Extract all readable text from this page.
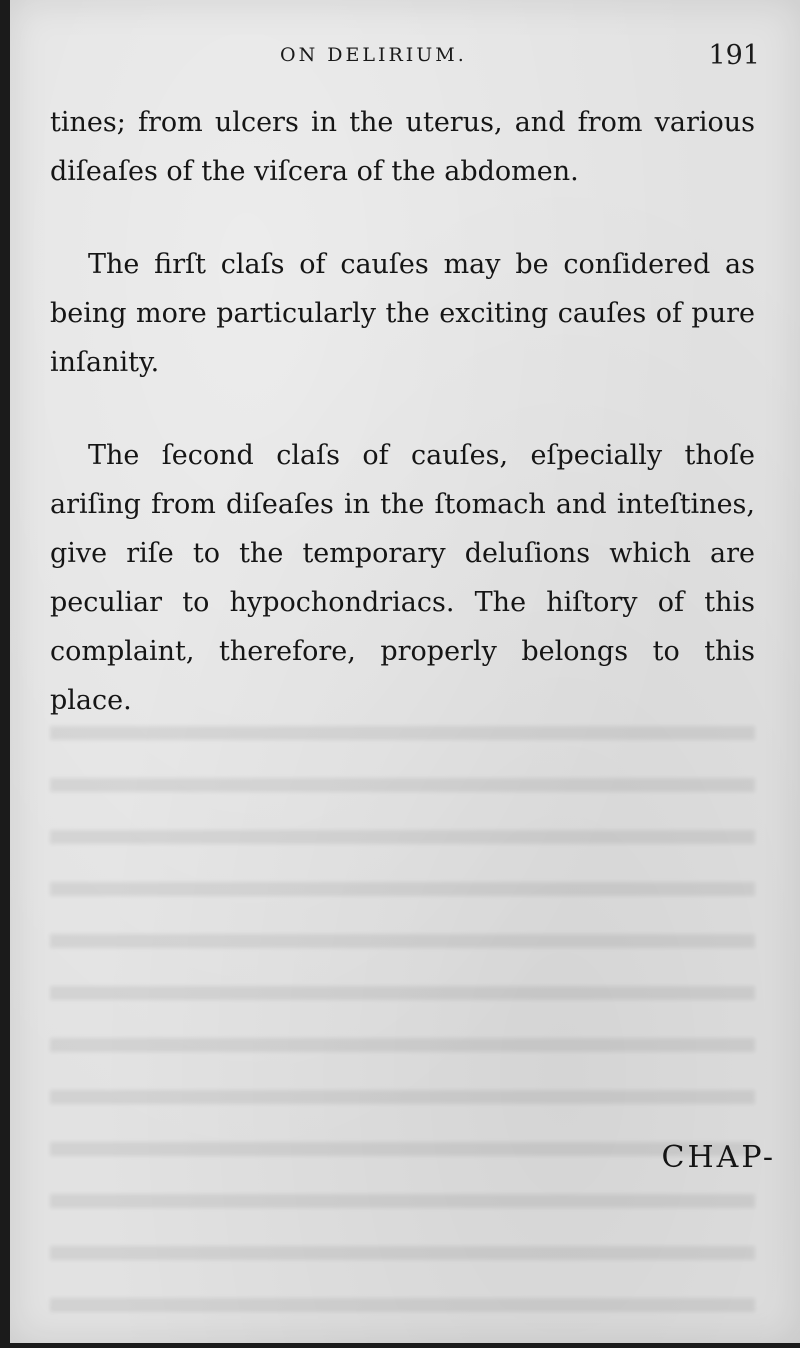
ON DELIRIUM.	191

tines; from ulcers in the uterus, and from various diſeaſes of the viſcera of the abdomen.

The firſt claſs of cauſes may be conſidered as being more particularly the exciting cauſes of pure inſanity.

The ſecond claſs of cauſes, eſpecially thoſe ariſing from diſeaſes in the ſtomach and inteſtines, give riſe to the temporary deluſions which are peculiar to hypochondriacs. The hiſtory of this complaint, therefore, properly belongs to this place.

CHAP-
